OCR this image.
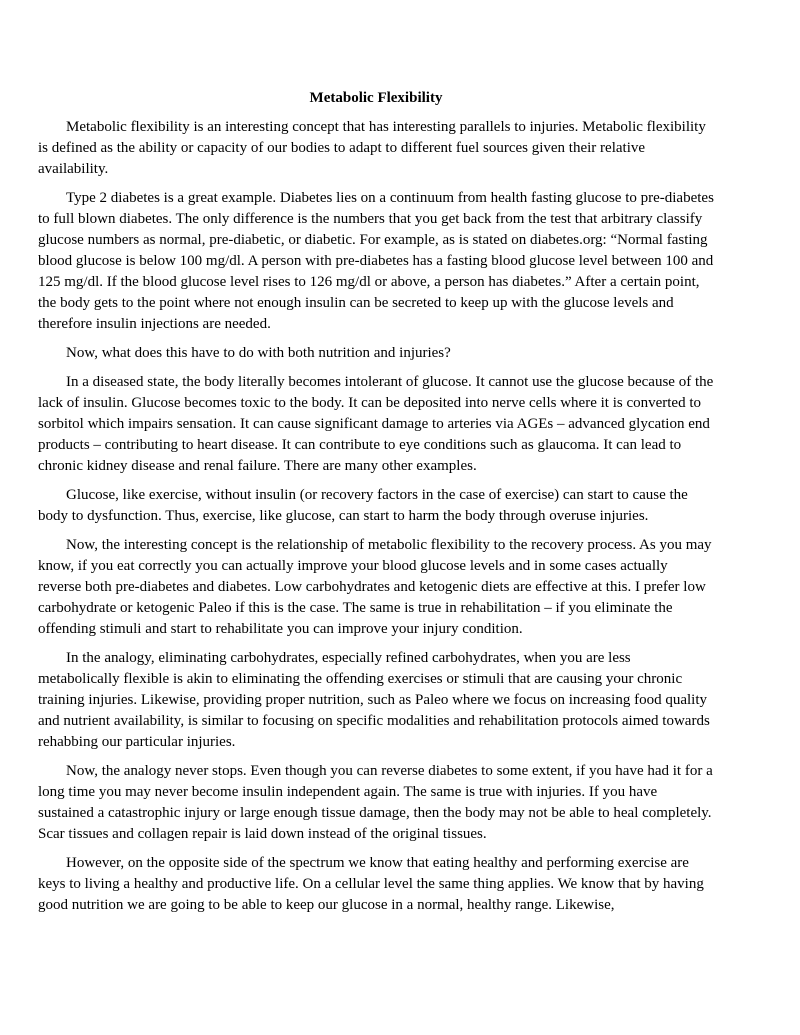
Metabolic Flexibility

Metabolic flexibility is an interesting concept that has interesting parallels to injuries. Metabolic flexibility is defined as the ability or capacity of our bodies to adapt to different fuel sources given their relative availability.

Type 2 diabetes is a great example. Diabetes lies on a continuum from health fasting glucose to pre-diabetes to full blown diabetes. The only difference is the numbers that you get back from the test that arbitrary classify glucose numbers as normal, pre-diabetic, or diabetic. For example, as is stated on diabetes.org: “Normal fasting blood glucose is below 100 mg/dl. A person with pre-diabetes has a fasting blood glucose level between 100 and 125 mg/dl. If the blood glucose level rises to 126 mg/dl or above, a person has diabetes.” After a certain point, the body gets to the point where not enough insulin can be secreted to keep up with the glucose levels and therefore insulin injections are needed.

Now, what does this have to do with both nutrition and injuries?

In a diseased state, the body literally becomes intolerant of glucose. It cannot use the glucose because of the lack of insulin. Glucose becomes toxic to the body. It can be deposited into nerve cells where it is converted to sorbitol which impairs sensation. It can cause significant damage to arteries via AGEs – advanced glycation end products – contributing to heart disease. It can contribute to eye conditions such as glaucoma. It can lead to chronic kidney disease and renal failure. There are many other examples.

Glucose, like exercise, without insulin (or recovery factors in the case of exercise) can start to cause the body to dysfunction. Thus, exercise, like glucose, can start to harm the body through overuse injuries.

Now, the interesting concept is the relationship of metabolic flexibility to the recovery process. As you may know, if you eat correctly you can actually improve your blood glucose levels and in some cases actually reverse both pre-diabetes and diabetes. Low carbohydrates and ketogenic diets are effective at this. I prefer low carbohydrate or ketogenic Paleo if this is the case. The same is true in rehabilitation – if you eliminate the offending stimuli and start to rehabilitate you can improve your injury condition.

In the analogy, eliminating carbohydrates, especially refined carbohydrates, when you are less metabolically flexible is akin to eliminating the offending exercises or stimuli that are causing your chronic training injuries. Likewise, providing proper nutrition, such as Paleo where we focus on increasing food quality and nutrient availability, is similar to focusing on specific modalities and rehabilitation protocols aimed towards rehabbing our particular injuries.

Now, the analogy never stops. Even though you can reverse diabetes to some extent, if you have had it for a long time you may never become insulin independent again. The same is true with injuries. If you have sustained a catastrophic injury or large enough tissue damage, then the body may not be able to heal completely. Scar tissues and collagen repair is laid down instead of the original tissues.

However, on the opposite side of the spectrum we know that eating healthy and performing exercise are keys to living a healthy and productive life. On a cellular level the same thing applies. We know that by having good nutrition we are going to be able to keep our glucose in a normal, healthy range. Likewise,
